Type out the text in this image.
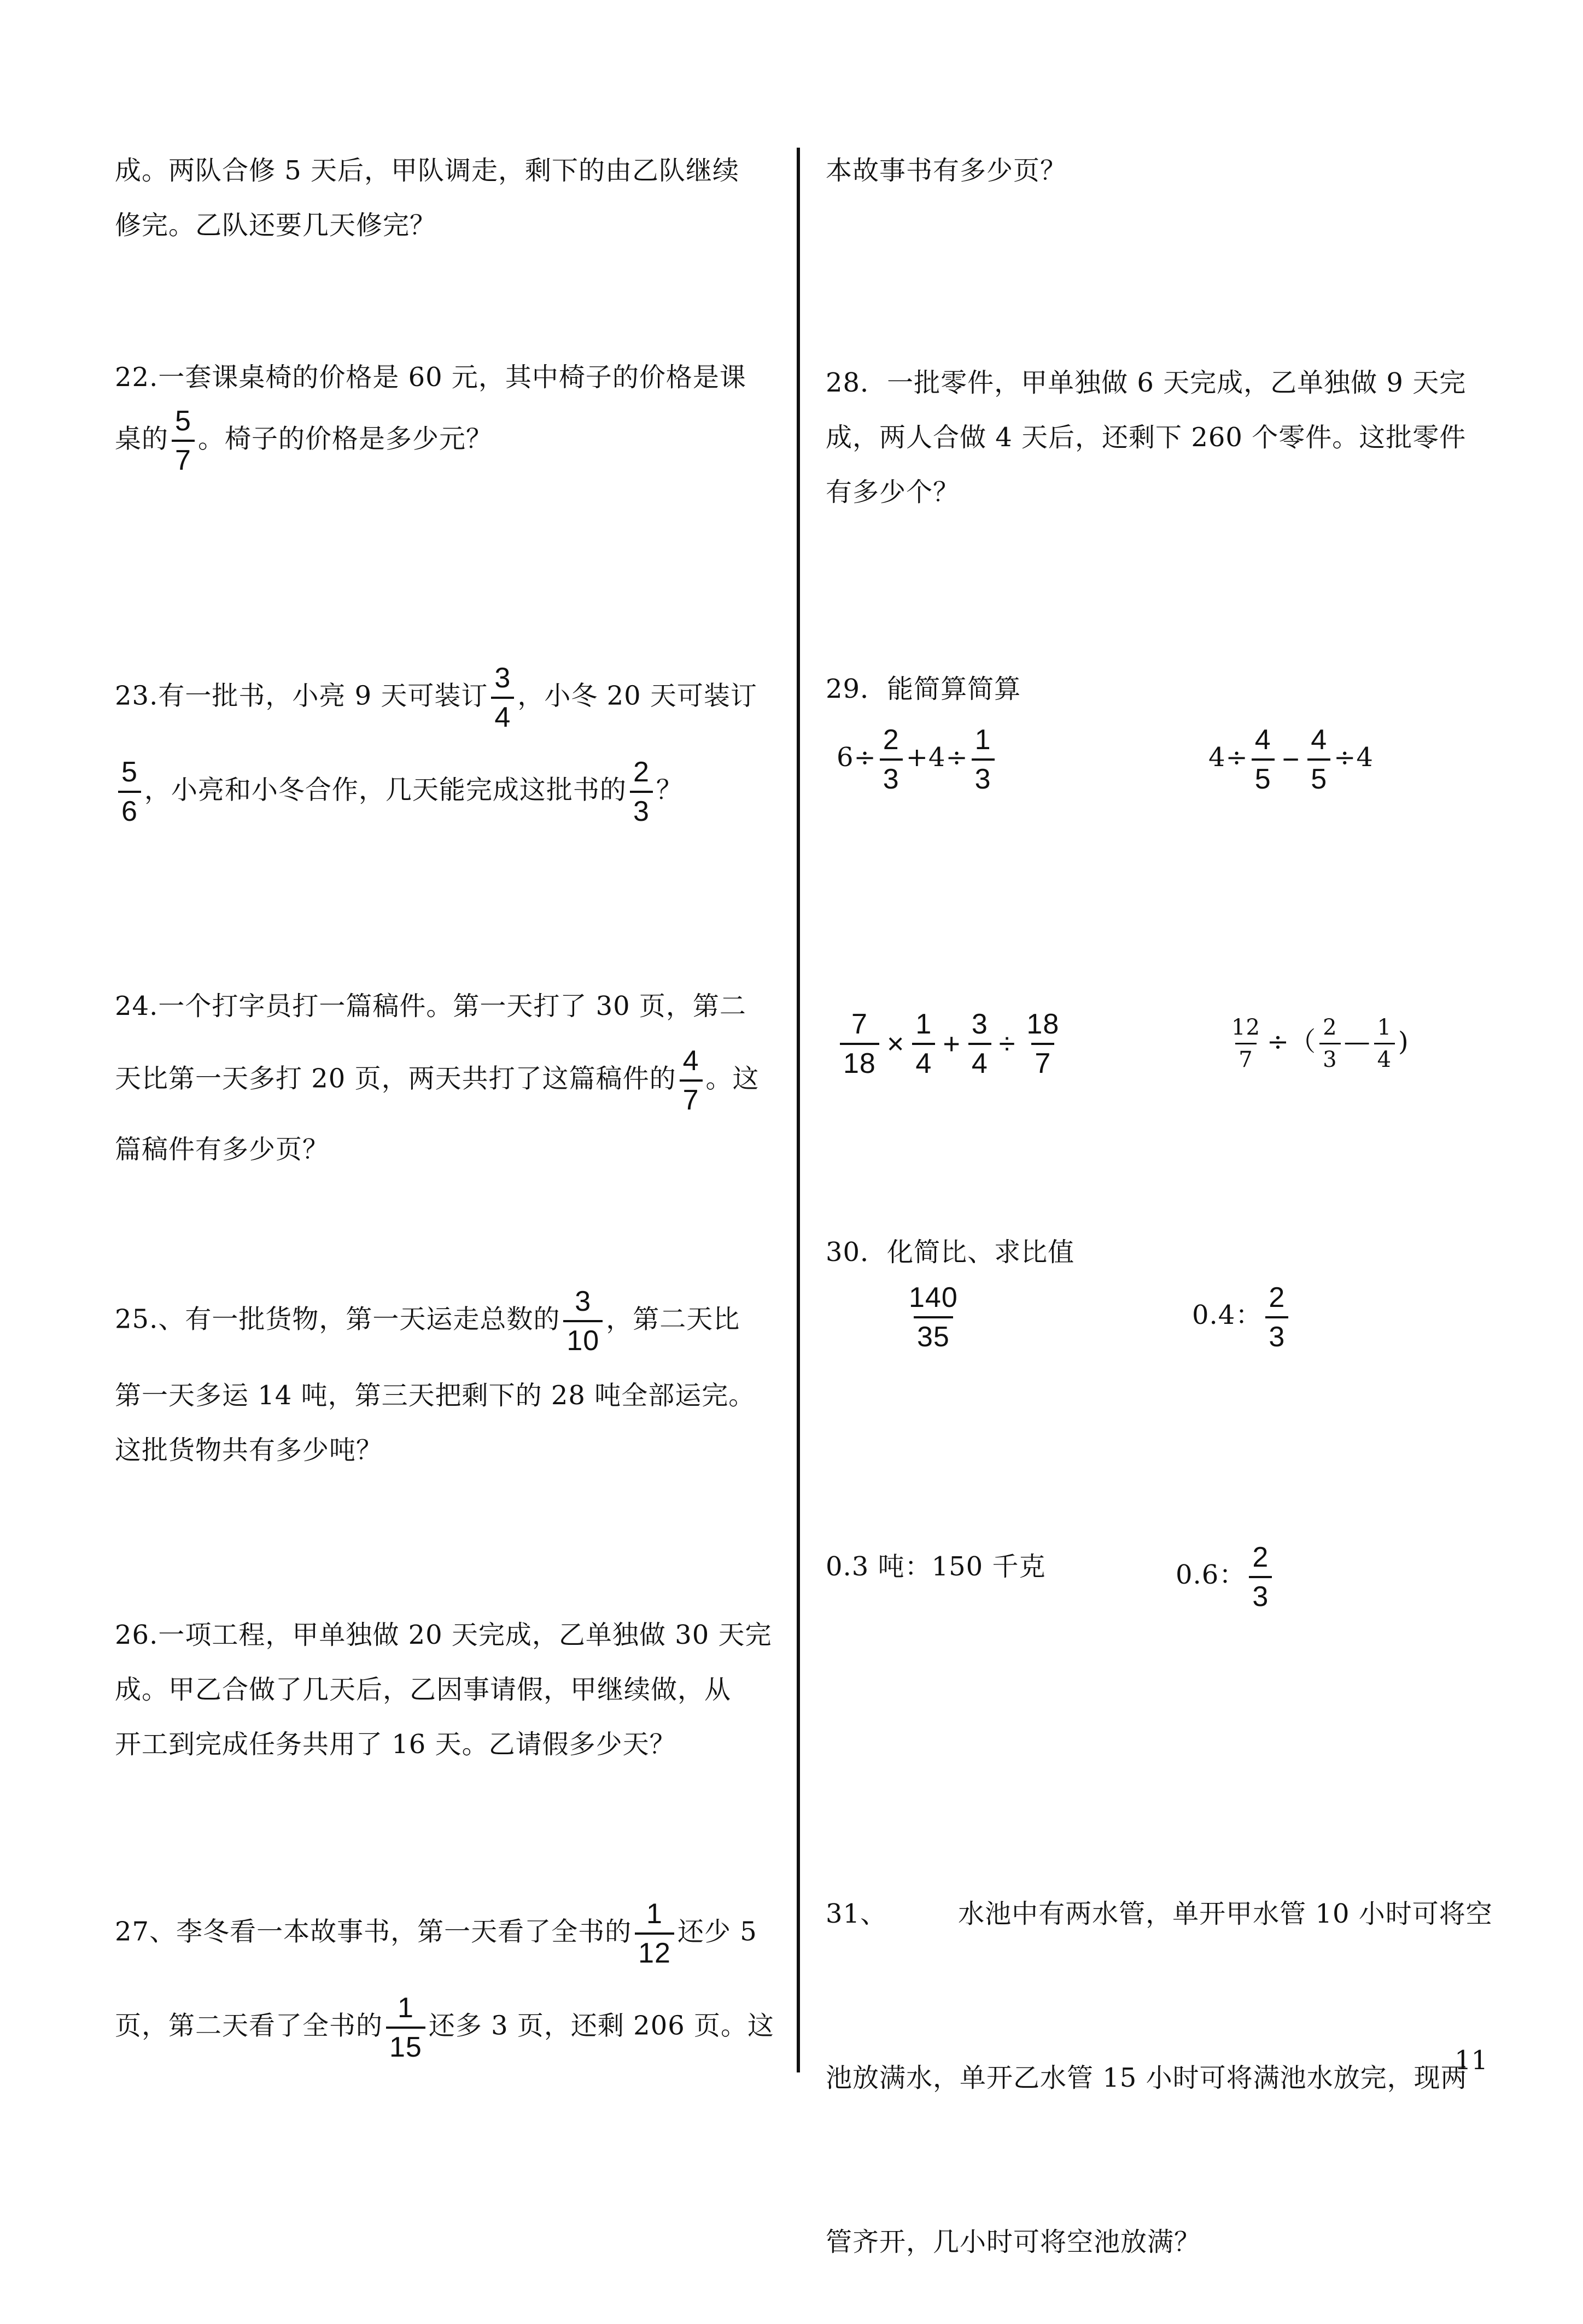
成。两队合修 5 天后，甲队调走，剩下的由乙队继续
修完。乙队还要几天修完？
22.一套课桌椅的价格是 60 元，其中椅子的价格是课
桌的 $\frac{5}{7}$ 。椅子的价格是多少元？
23.有一批书，小亮 9 天可装订 $\frac{3}{4}$ ，小冬 20 天可装订
$\frac{5}{6}$ ，小亮和小冬合作，几天能完成这批书的 $\frac{2}{3}$ ？
24.一个打字员打一篇稿件。第一天打了 30 页，第二
天比第一天多打 20 页，两天共打了这篇稿件的 $\frac{4}{7}$ 。这
篇稿件有多少页？
25.、有一批货物，第一天运走总数的 $\frac{3}{10}$ ，第二天比
第一天多运 14 吨，第三天把剩下的 28 吨全部运完。
这批货物共有多少吨？
26.一项工程，甲单独做 20 天完成，乙单独做 30 天完
成。甲乙合做了几天后，乙因事请假，甲继续做，从
开工到完成任务共用了 16 天。乙请假多少天？
27、李冬看一本故事书，第一天看了全书的 $\frac{1}{12}$ 还少 5
页，第二天看了全书的 $\frac{1}{15}$ 还多 3 页，还剩 206 页。这
本故事书有多少页？
28．一批零件，甲单独做 6 天完成，乙单独做 9 天完
成，两人合做 4 天后，还剩下 260 个零件。这批零件
有多少个？
29．能简算简算
$6\div \frac{2}{3} +4\div \frac{1}{3}$	$4\div \frac{4}{5} - \frac{4}{5} \div 4$
$\frac{7}{18} \times \frac{1}{4} + \frac{3}{4} \div \frac{18}{7}$	$\frac{12}{7}$ ÷（ $\frac{2}{3}$ — $\frac{1}{4}$ )
30．化简比、求比值
$\frac{140}{35}$	0.4： $\frac{2}{3}$
0.3 吨：150 千克	0.6： $\frac{2}{3}$

31、        水池中有两水管，单开甲水管 10 小时可将空

池放满水，单开乙水管 15 小时可将满池水放完，现两

管齐开，几小时可将空池放满？

11
